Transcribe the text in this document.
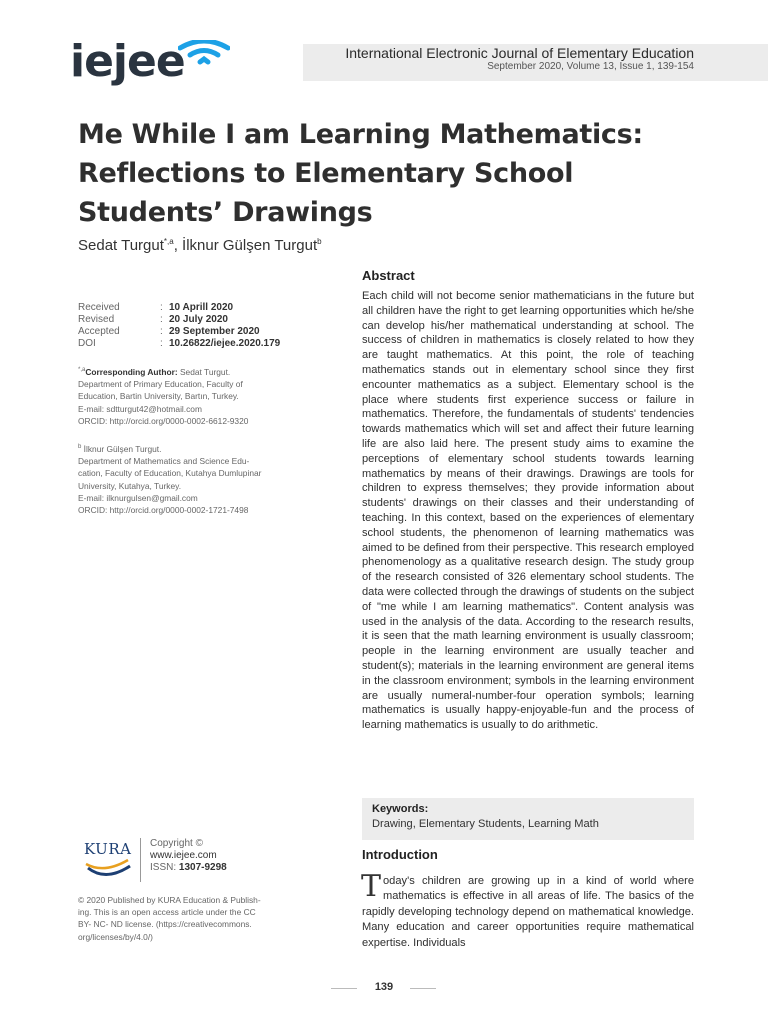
iejee	International Electronic Journal of Elementary Education
September 2020, Volume 13, Issue 1, 139-154
Me While I am Learning Mathematics:
Reflections to Elementary School
Students’ Drawings
Sedat Turgut$^{*,a}$, İlknur Gülşen Turgut$^b$
Received	: 10 Aprill 2020
Revised	: 20 July 2020
Accepted	: 29 September 2020
DOI	: 10.26822/iejee.2020.179
$^{*,a}$Corresponding Author: Sedat Turgut.
Department of Primary Education, Faculty of
Education, Bartin University, Bartın, Turkey.
E-mail: sdtturgut42@hotmail.com
ORCID: http://orcid.org/0000-0002-6612-9320
$^b$ İlknur Gülşen Turgut.
Department of Mathematics and Science Edu-
cation, Faculty of Education, Kutahya Dumlupinar
University, Kutahya, Turkey.
E-mail: ilknurgulsen@gmail.com
ORCID: http://orcid.org/0000-0002-1721-7498
KURA Copyright ©
www.iejee.com
ISSN: 1307-9298
© 2020 Published by KURA Education & Publish-
ing. This is an open access article under the CC
BY- NC- ND license. (https://creativecommons.
org/licenses/by/4.0/)
Abstract
Each child will not become senior mathematicians in the future but all children have the right to get learning opportunities which he/she can develop his/her mathematical understanding at school. The success of children in mathematics is closely related to how they are taught mathematics. At this point, the role of teaching mathematics stands out in elementary school since they first encounter mathematics as a subject. Elementary school is the place where students first experience success or failure in mathematics. Therefore, the fundamentals of students' tendencies towards mathematics which will set and affect their future learning life are also laid here. The present study aims to examine the perceptions of elementary school students towards learning mathematics by means of their drawings. Drawings are tools for children to express themselves; they provide information about students' drawings on their classes and their understanding of teaching. In this context, based on the experiences of elementary school students, the phenomenon of learning mathematics was aimed to be defined from their perspective. This research employed phenomenology as a qualitative research design. The study group of the research consisted of 326 elementary school students. The data were collected through the drawings of students on the subject of "me while I am learning mathematics". Content analysis was used in the analysis of the data. According to the research results, it is seen that the math learning environment is usually classroom; people in the learning environment are usually teacher and student(s); materials in the learning environment are general items in the classroom environment; symbols in the learning environment are usually numeral-number-four operation symbols; learning mathematics is usually happy-enjoyable-fun and the process of learning mathematics is usually to do arithmetic.
Keywords:
Drawing, Elementary Students, Learning Math
Introduction
Today's children are growing up in a kind of world where mathematics is effective in all areas of life. The basics of the rapidly developing technology depend on mathematical knowledge. Many education and career opportunities require mathematical expertise. Individuals
139
